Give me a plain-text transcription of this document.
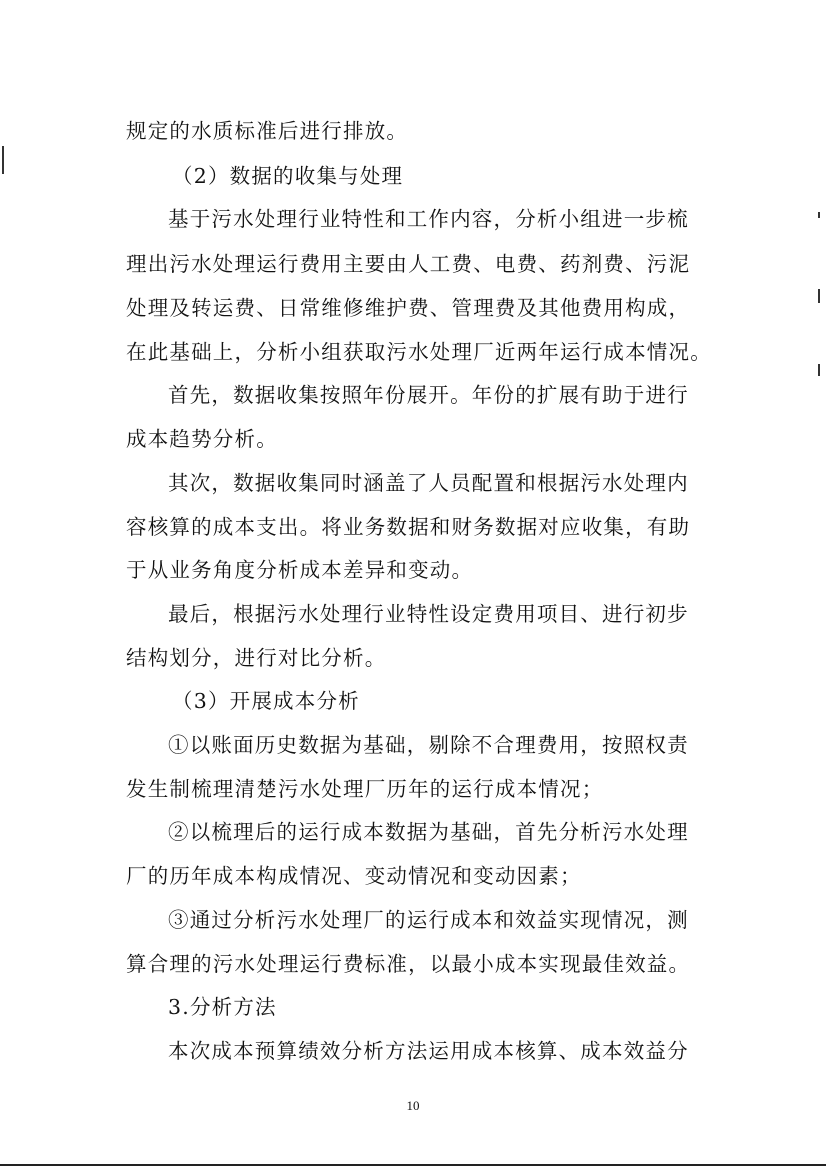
规定的水质标准后进行排放。
（2）数据的收集与处理
基于污水处理行业特性和工作内容，分析小组进一步梳
理出污水处理运行费用主要由人工费、电费、药剂费、污泥
处理及转运费、日常维修维护费、管理费及其他费用构成，
在此基础上，分析小组获取污水处理厂近两年运行成本情况。
首先，数据收集按照年份展开。年份的扩展有助于进行
成本趋势分析。
其次，数据收集同时涵盖了人员配置和根据污水处理内
容核算的成本支出。将业务数据和财务数据对应收集，有助
于从业务角度分析成本差异和变动。
最后，根据污水处理行业特性设定费用项目、进行初步
结构划分，进行对比分析。
（3）开展成本分析
①以账面历史数据为基础，剔除不合理费用，按照权责
发生制梳理清楚污水处理厂历年的运行成本情况；
②以梳理后的运行成本数据为基础，首先分析污水处理
厂的历年成本构成情况、变动情况和变动因素；
③通过分析污水处理厂的运行成本和效益实现情况，测
算合理的污水处理运行费标准，以最小成本实现最佳效益。
3.分析方法
本次成本预算绩效分析方法运用成本核算、成本效益分
10
